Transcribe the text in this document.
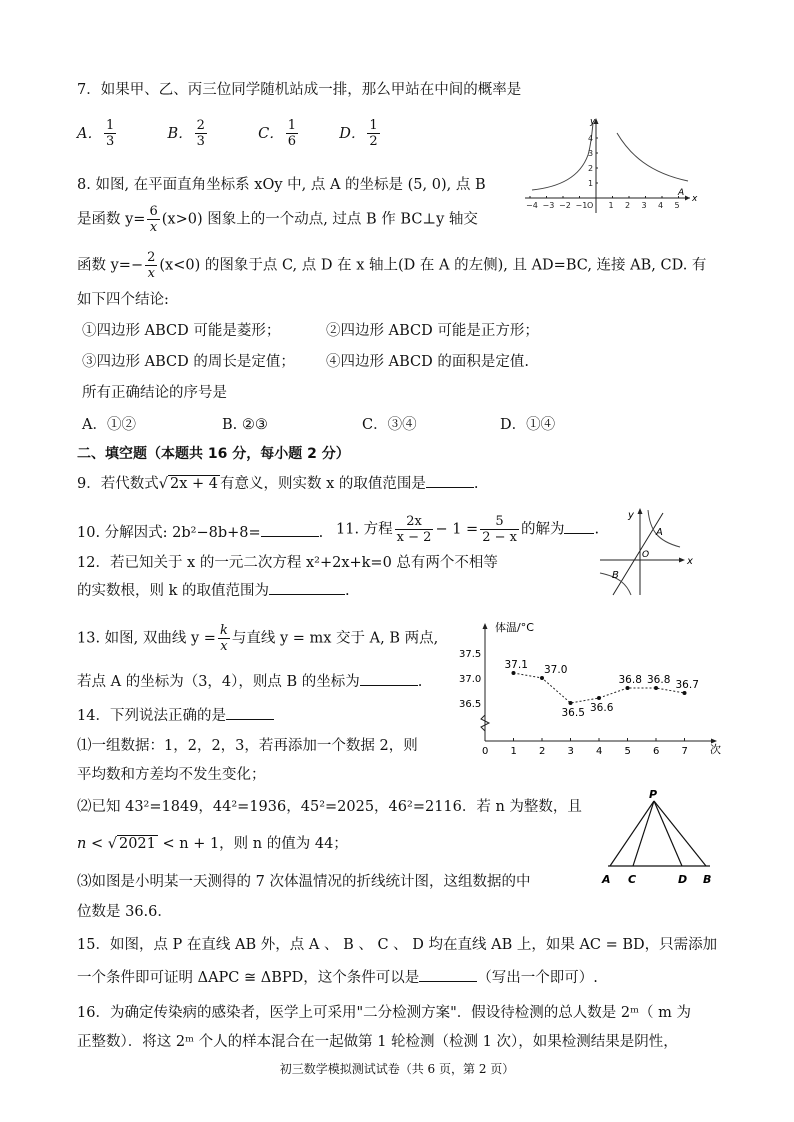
7．如果甲、乙、丙三位同学随机站成一排，那么甲站在中间的概率是
A． $\frac{1}{3}$	B． $\frac{2}{3}$	C． $\frac{1}{6}$	D． $\frac{1}{2}$
x
y
A
−4 −3 −2 −1 O 1 2 3 4 5
1
2
3
4
8. 如图, 在平面直角坐标系 xOy 中, 点 A 的坐标是 (5, 0), 点 B
是函数 $y= \frac{6}{x} (x>0)$ 图象上的一个动点, 过点 B 作 BC⊥y 轴交
函数 $y=- \frac{2}{x} (x<0)$ 的图象于点 C, 点 D 在 x 轴上(D 在 A 的左侧), 且 AD=BC, 连接 AB, CD. 有
如下四个结论:
①四边形 ABCD 可能是菱形；	②四边形 ABCD 可能是正方形；
③四边形 ABCD 的周长是定值； ④四边形 ABCD 的面积是定值.
所有正确结论的序号是
A．①②	B. ②③	C．③④	D．①④
二、填空题（本题共 16 分，每小题 2 分）
9．若代数式√ 2x + 4 有意义，则实数 x 的取值范围是	.
10. 分解因式: 2b²−8b+8=	. 11. 方程 $\frac{2x}{x - 2} - 1 = \frac{5}{2 - x}$ 的解为 .
x
y
O
A
B
12．若已知关于 x 的一元二次方程 x²+2x+k=0 总有两个不相等
的实数根，则 k 的取值范围为	.
13. 如图, 双曲线 $y = \frac{k}{x}$ 与直线 y = mx 交于 A, B 两点,
若点 A 的坐标为（3，4），则点 B 的坐标为	.
体温/°C
次
37.5
37.0
36.5
0 1 2 3 4 5 6 7
37.1 37.0
36.5 36.6
36.8 36.8 36.7
14．下列说法正确的是
⑴一组数据：1，2，2，3，若再添加一个数据 2，则
平均数和方差均不发生变化；
⑵已知 43²=1849，44²=1936，45²=2025，46²=2116．若 n 为整数，且
n < √ 2021 < n + 1，则 n 的值为 44；
⑶如图是小明某一天测得的 7 次体温情况的折线统计图，这组数据的中
位数是 36.6．
P
A C	D B
15．如图，点 P 在直线 AB 外，点 A 、 B 、 C 、 D 均在直线 AB 上，如果 AC = BD，只需添加
一个条件即可证明 ΔAPC ≅ ΔBPD，这个条件可以是	（写出一个即可）.
16．为确定传染病的感染者，医学上可采用"二分检测方案"．假设待检测的总人数是 2ᵐ（ m 为
正整数）．将这 2ᵐ 个人的样本混合在一起做第 1 轮检测（检测 1 次），如果检测结果是阴性，
初三数学模拟测试试卷（共 6 页，第 2 页）
